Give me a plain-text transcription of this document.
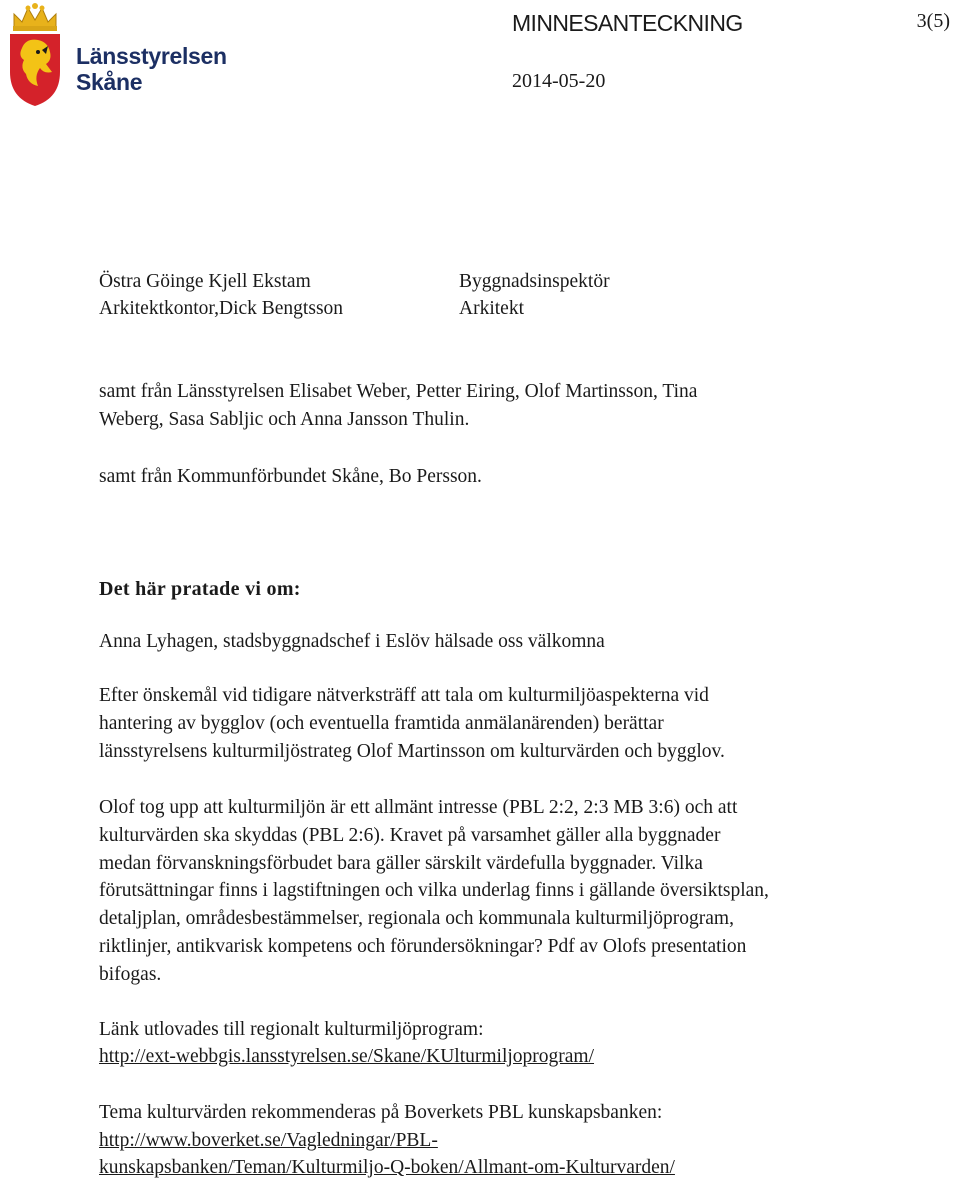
Länsstyrelsen
Skåne
MINNESANTECKNING	3(5)
2014-05-20
Östra Göinge Kjell Ekstam	Byggnadsinspektör
Arkitektkontor,Dick Bengtsson	Arkitekt
samt från Länsstyrelsen Elisabet Weber, Petter Eiring, Olof Martinsson, Tina
Weberg, Sasa Sabljic och Anna Jansson Thulin.
samt från Kommunförbundet Skåne, Bo Persson.
Det här pratade vi om:
Anna Lyhagen, stadsbyggnadschef i Eslöv hälsade oss välkomna
Efter önskemål vid tidigare nätverksträff att tala om kulturmiljöaspekterna vid
hantering av bygglov (och eventuella framtida anmälanärenden) berättar
länsstyrelsens kulturmiljöstrateg Olof Martinsson om kulturvärden och bygglov.
Olof tog upp att kulturmiljön är ett allmänt intresse (PBL 2:2, 2:3 MB 3:6) och att
kulturvärden ska skyddas (PBL 2:6). Kravet på varsamhet gäller alla byggnader
medan förvanskningsförbudet bara gäller särskilt värdefulla byggnader. Vilka
förutsättningar finns i lagstiftningen och vilka underlag finns i gällande översiktsplan,
detaljplan, områdesbestämmelser, regionala och kommunala kulturmiljöprogram,
riktlinjer, antikvarisk kompetens och förundersökningar? Pdf av Olofs presentation
bifogas.
Länk utlovades till regionalt kulturmiljöprogram:
http://ext-webbgis.lansstyrelsen.se/Skane/KUlturmiljoprogram/
Tema kulturvärden rekommenderas på Boverkets PBL kunskapsbanken:
http://www.boverket.se/Vagledningar/PBL-
kunskapsbanken/Teman/Kulturmiljo-Q-boken/Allmant-om-Kulturvarden/
